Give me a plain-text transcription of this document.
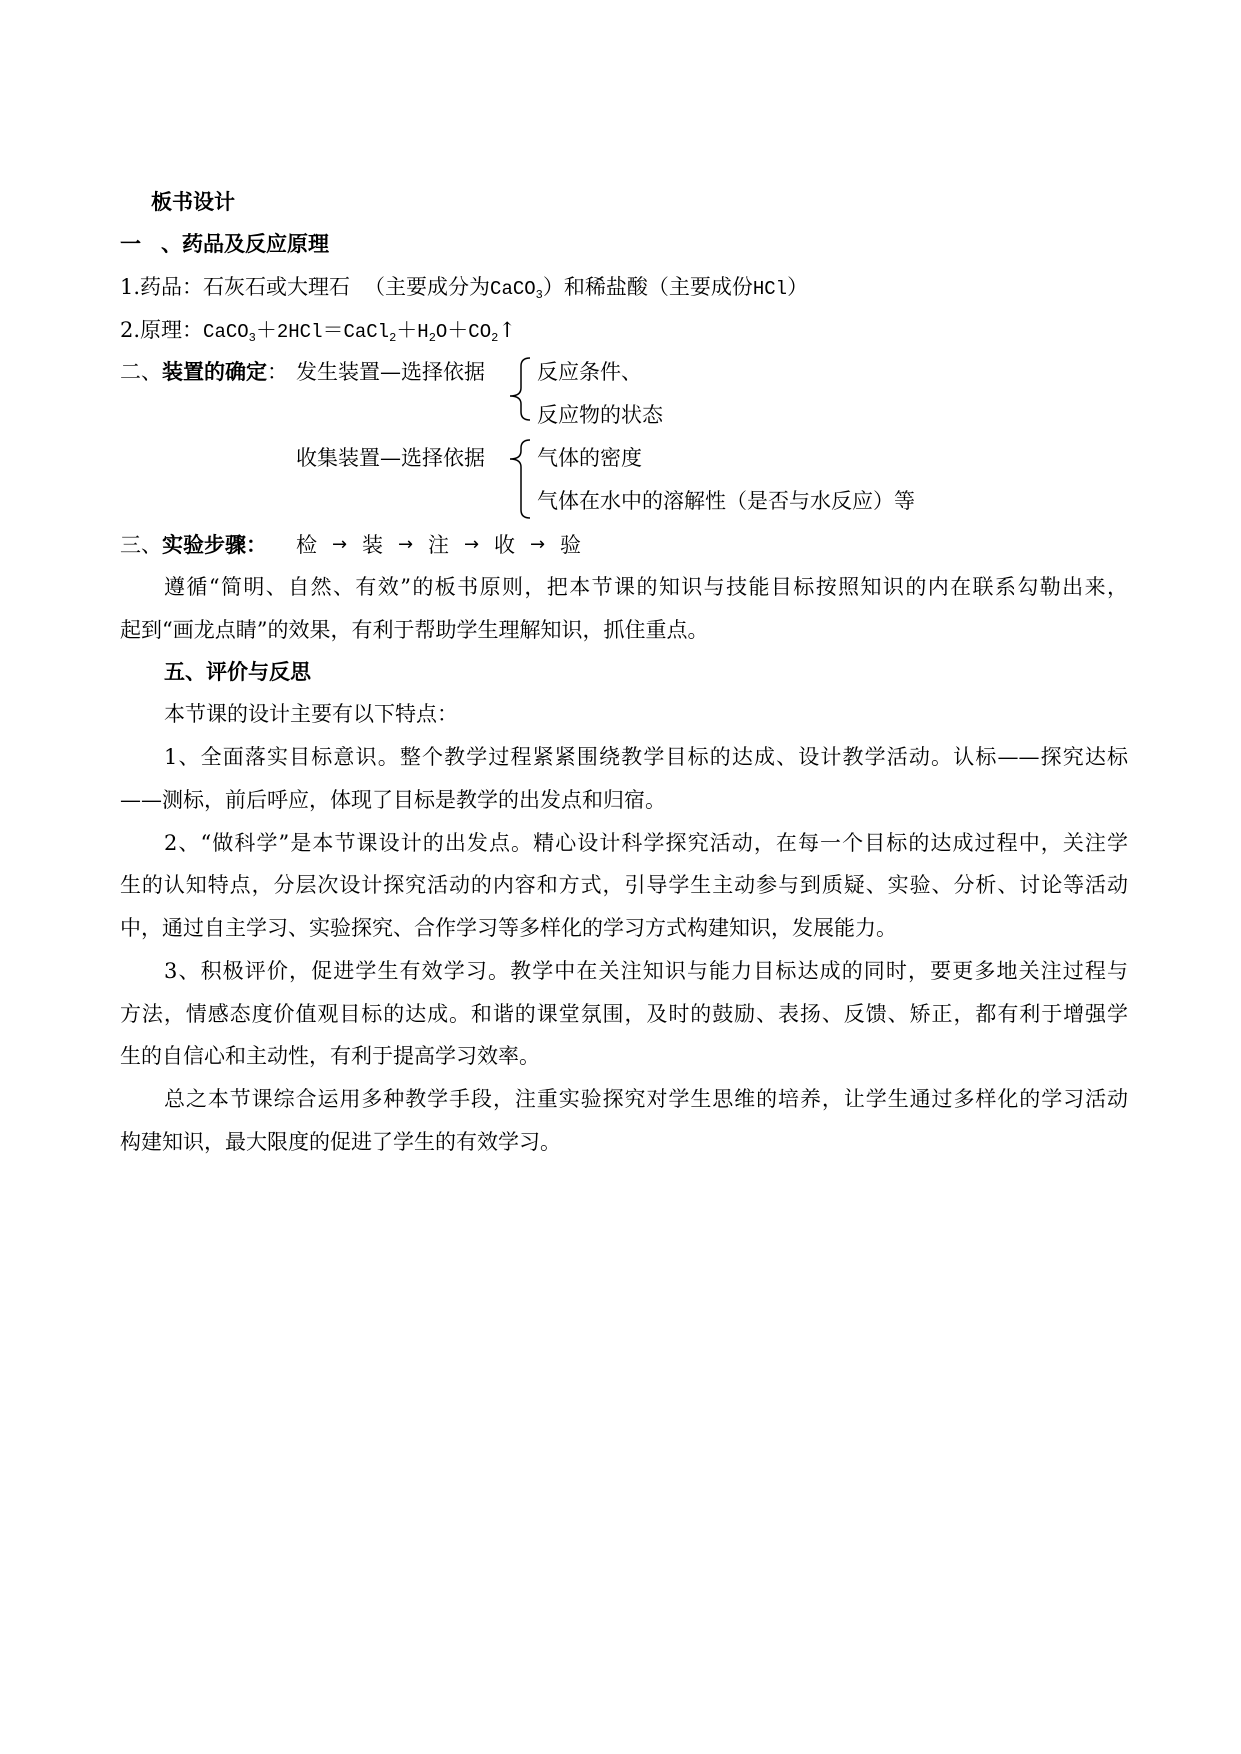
板书设计
一 、药品及反应原理
1.药品：石灰石或大理石 （主要成分为CaCO$_3$）和稀盐酸（主要成份HCl）
2.原理：$CaCO_3+2HCl=CaCl_2+H_2O+CO_2↑$
二、装置的确定： 发生装置—选择依据
收集装置—选择依据
反应条件、
反应物的状态
气体的密度
气体在水中的溶解性（是否与水反应）等
三、实验步骤： 检 → 装 → 注 → 收 → 验
遵循“简明、自然、有效”的板书原则，把本节课的知识与技能目标按照知识的内在联系勾勒出来，
起到“画龙点睛”的效果，有利于帮助学生理解知识，抓住重点。
五、评价与反思
本节课的设计主要有以下特点：
1、全面落实目标意识。整个教学过程紧紧围绕教学目标的达成、设计教学活动。认标——探究达标
——测标，前后呼应，体现了目标是教学的出发点和归宿。
2、“做科学”是本节课设计的出发点。精心设计科学探究活动，在每一个目标的达成过程中，关注学
生的认知特点，分层次设计探究活动的内容和方式，引导学生主动参与到质疑、实验、分析、讨论等活动
中，通过自主学习、实验探究、合作学习等多样化的学习方式构建知识，发展能力。
3、积极评价，促进学生有效学习。教学中在关注知识与能力目标达成的同时，要更多地关注过程与
方法，情感态度价值观目标的达成。和谐的课堂氛围，及时的鼓励、表扬、反馈、矫正，都有利于增强学
生的自信心和主动性，有利于提高学习效率。
总之本节课综合运用多种教学手段，注重实验探究对学生思维的培养，让学生通过多样化的学习活动
构建知识，最大限度的促进了学生的有效学习。
